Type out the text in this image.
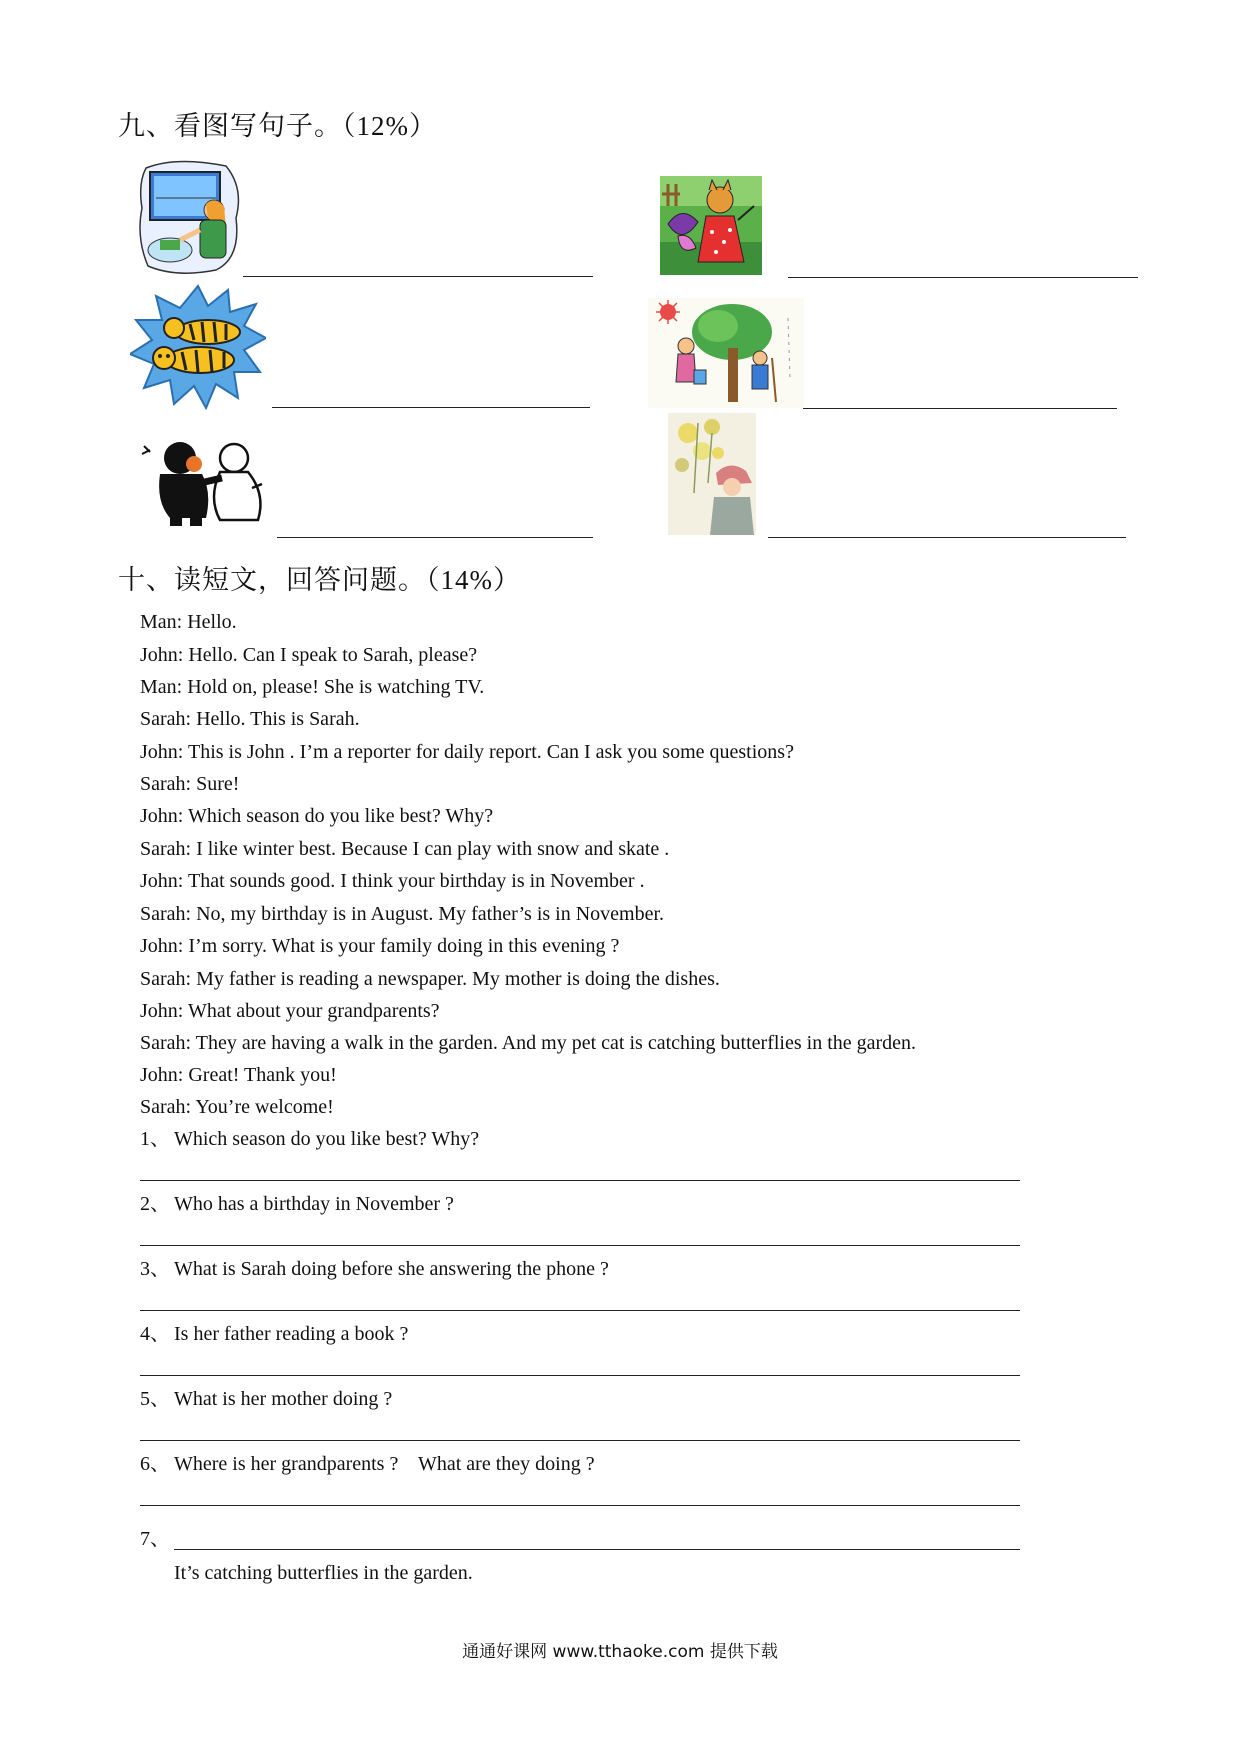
九、看图写句子。（12%）
十、读短文，回答问题。（14%）
Man: Hello.
John: Hello. Can I speak to Sarah, please?
Man: Hold on, please! She is watching TV.
Sarah: Hello. This is Sarah.
John: This is John . I’m a reporter for daily report. Can I ask you some questions?
Sarah: Sure!
John: Which season do you like best? Why?
Sarah: I like winter best. Because I can play with snow and skate .
John: That sounds good. I think your birthday is in November .
Sarah: No, my birthday is in August. My father’s is in November.
John: I’m sorry. What is your family doing in this evening ?
Sarah: My father is reading a newspaper. My mother is doing the dishes.
John: What about your grandparents?
Sarah: They are having a walk in the garden. And my pet cat is catching butterflies in the garden.
John: Great! Thank you!
Sarah: You’re welcome!
1、 Which season do you like best? Why?
2、 Who has a birthday in November ?
3、 What is Sarah doing before she answering the phone ?
4、 Is her father reading a book ?
5、 What is her mother doing ?
6、 Where is her grandparents ?    What are they doing ?
7、
It’s catching butterflies in the garden.
通通好课网 www.tthaoke.com 提供下载
